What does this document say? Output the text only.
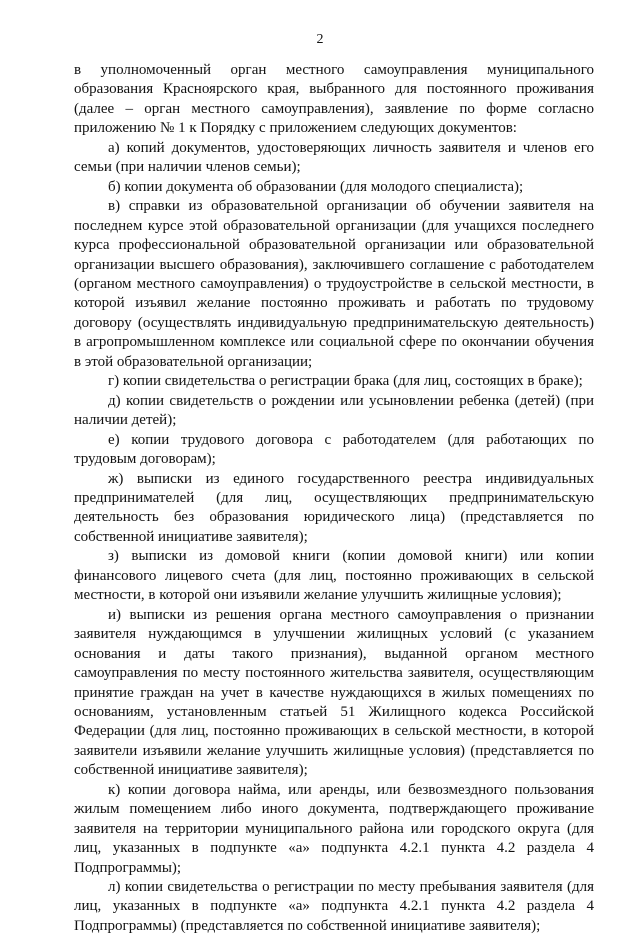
2

в уполномоченный орган местного самоуправления муниципального образования Красноярского края, выбранного для постоянного проживания (далее – орган местного самоуправления), заявление по форме согласно приложению № 1 к Порядку с приложением следующих документов:

а) копий документов, удостоверяющих личность заявителя и членов его семьи (при наличии членов семьи);

б) копии документа об образовании (для молодого специалиста);

в) справки из образовательной организации об обучении заявителя на последнем курсе этой образовательной организации (для учащихся последнего курса профессиональной образовательной организации или образовательной организации высшего образования), заключившего соглашение с работодателем (органом местного самоуправления) о трудоустройстве в сельской местности, в которой изъявил желание постоянно проживать и работать по трудовому договору (осуществлять индивидуальную предпринимательскую деятельность) в агропромышленном комплексе или социальной сфере по окончании обучения в этой образовательной организации;

г) копии свидетельства о регистрации брака (для лиц, состоящих в браке);

д) копии свидетельств о рождении или усыновлении ребенка (детей) (при наличии детей);

е) копии трудового договора с работодателем (для работающих по трудовым договорам);

ж) выписки из единого государственного реестра индивидуальных предпринимателей (для лиц, осуществляющих предпринимательскую деятельность без образования юридического лица) (представляется по собственной инициативе заявителя);

з) выписки из домовой книги (копии домовой книги) или копии финансового лицевого счета (для лиц, постоянно проживающих в сельской местности, в которой они изъявили желание улучшить жилищные условия);

и) выписки из решения органа местного самоуправления о признании заявителя нуждающимся в улучшении жилищных условий (с указанием основания и даты такого признания), выданной органом местного самоуправления по месту постоянного жительства заявителя, осуществляющим принятие граждан на учет в качестве нуждающихся в жилых помещениях по основаниям, установленным статьей 51 Жилищного кодекса Российской Федерации (для лиц, постоянно проживающих в сельской местности, в которой заявители изъявили желание улучшить жилищные условия) (представляется по собственной инициативе заявителя);

к) копии договора найма, или аренды, или безвозмездного пользования жилым помещением либо иного документа, подтверждающего проживание заявителя на территории муниципального района или городского округа (для лиц, указанных в подпункте «а» подпункта 4.2.1 пункта 4.2 раздела 4 Подпрограммы);

л) копии свидетельства о регистрации по месту пребывания заявителя (для лиц, указанных в подпункте «а» подпункта 4.2.1 пункта 4.2 раздела 4 Подпрограммы) (представляется по собственной инициативе заявителя);
